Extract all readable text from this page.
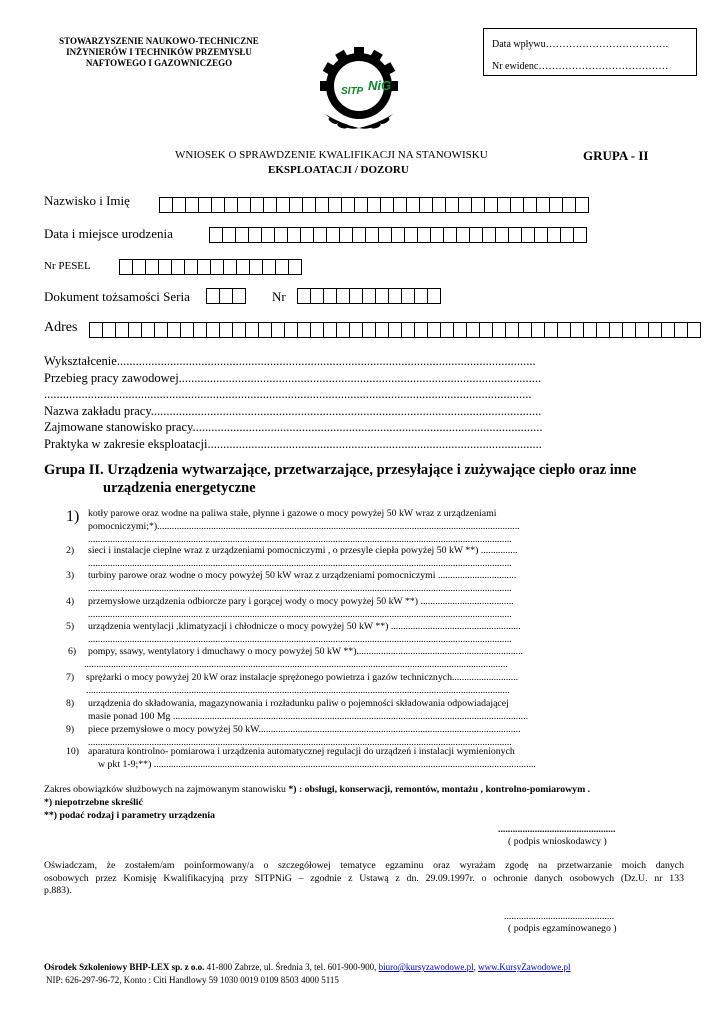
STOWARZYSZENIE NAUKOWO-TECHNICZNE
INŻYNIERÓW I TECHNIKÓW PRZEMYSŁU
NAFTOWEGO I GAZOWNICZEGO
Data wpływu……………………………….
Nr ewidenc…………………………………
SITP NiG
WNIOSEK O SPRAWDZENIE KWALIFIKACJI NA STANOWISKU
EKSPLOATACJI / DOZORU
GRUPA - II
Nazwisko i Imię
Data i miejsce urodzenia
Nr PESEL
Dokument tożsamości Seria	Nr
Adres
Wykształcenie......................................................................................................................................
Przebieg pracy zawodowej....................................................................................................................
............................................................................................................................................................
Nazwa zakładu pracy.............................................................................................................................
Zajmowane stanowisko pracy................................................................................................................
Praktyka w zakresie eksploatacji...........................................................................................................
Grupa II. Urządzenia wytwarzające, przetwarzające, przesyłające i zużywające ciepło oraz inne
urządzenia energetyczne
1) kotły parowe oraz wodne na paliwa stałe, płynne i gazowe o mocy powyżej 50 kW wraz z urządzeniami
pomocniczymi;*)....................................................................................................................................................
.............................................................................................................................................................................
2) sieci i instalacje cieplne wraz z urządzeniami pomocniczymi , o przesyle ciepła powyżej 50 kW **) ...............
.............................................................................................................................................................................
3) turbiny parowe oraz wodne o mocy powyżej 50 kW wraz z urządzeniami pomocniczymi ................................
.............................................................................................................................................................................
4) przemysłowe urządzenia odbiorcze pary i gorącej wody o mocy powyżej 50 kW **) ......................................
.............................................................................................................................................................................
5) urządzenia wentylacji ,klimatyzacji i chłodnicze o mocy powyżej 50 kW **) .....................................................
.............................................................................................................................................................................
6) pompy, ssawy, wentylatory i dmuchawy o mocy powyżej 50 kW **)....................................................................
.............................................................................................................................................................................
7) sprężarki o mocy powyżej 20 kW oraz instalacje sprężonego powietrza i gazów technicznych...........................
.............................................................................................................................................................................
8) urządzenia do składowania, magazynowania i rozładunku paliw o pojemności składowania odpowiadającej
masie ponad 100 Mg .................................................................................................................................................
9) piece przemysłowe o mocy powyżej 50 kW...........................................................................................................
.............................................................................................................................................................................
10) aparatura kontrolno- pomiarowa i urządzenia automatycznej regulacji do urządzeń i instalacji wymienionych
w pkt 1-9;**) ............................................................................................................................................................
Zakres obowiązków służbowych na zajmowanym stanowisku *) : obsługi, konserwacji, remontów, montażu , kontrolno-pomiarowym .
*) niepotrzebne skreślić
**) podać rodzaj i parametry urządzenia
................................................
( podpis wnioskodawcy )
Oświadczam, że zostałem/am poinformowany/a o szczegółowej tematyce egzaminu oraz wyrażam zgodę na przetwarzanie moich danych
osobowych przez Komisję Kwalifikacyjną przy SITPNiG – zgodnie z Ustawą z dn. 29.09.1997r. o ochronie danych osobowych (Dz.U. nr 133
p.883).
.............................................
( podpis egzaminowanego )
Ośrodek Szkoleniowy BHP-LEX sp. z o.o. 41-800 Zabrze, ul. Średnia 3, tel. 601-900-900, biuro@kursyzawodowe.pl, www.KursyZawodowe.pl
NIP: 626-297-96-72, Konto : Citi Handlowy 59 1030 0019 0109 8503 4000 5115
